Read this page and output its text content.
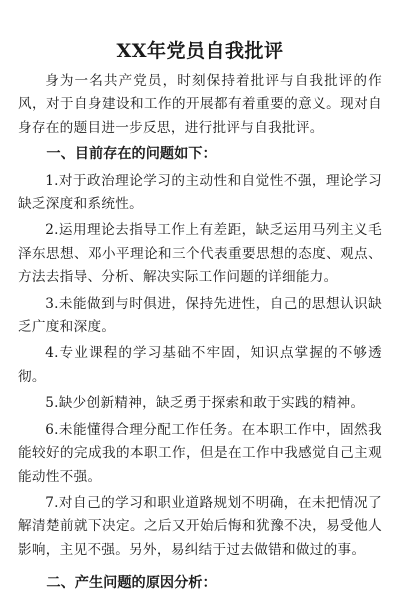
XX年党员自我批评

身为一名共产党员，时刻保持着批评与自我批评的作风，对于自身建设和工作的开展都有着重要的意义。现对自身存在的题目进一步反思，进行批评与自我批评。

一、目前存在的问题如下：

1.对于政治理论学习的主动性和自觉性不强，理论学习缺乏深度和系统性。

2.运用理论去指导工作上有差距，缺乏运用马列主义毛泽东思想、邓小平理论和三个代表重要思想的态度、观点、方法去指导、分析、解决实际工作问题的详细能力。

3.未能做到与时俱进，保持先进性，自己的思想认识缺乏广度和深度。

4.专业课程的学习基础不牢固，知识点掌握的不够透彻。

5.缺少创新精神，缺乏勇于探索和敢于实践的精神。

6.未能懂得合理分配工作任务。在本职工作中，固然我能较好的完成我的本职工作，但是在工作中我感觉自己主观能动性不强。

7.对自己的学习和职业道路规划不明确，在未把情况了解清楚前就下决定。之后又开始后悔和犹豫不决，易受他人影响，主见不强。另外，易纠结于过去做错和做过的事。

二、产生问题的原因分析：
